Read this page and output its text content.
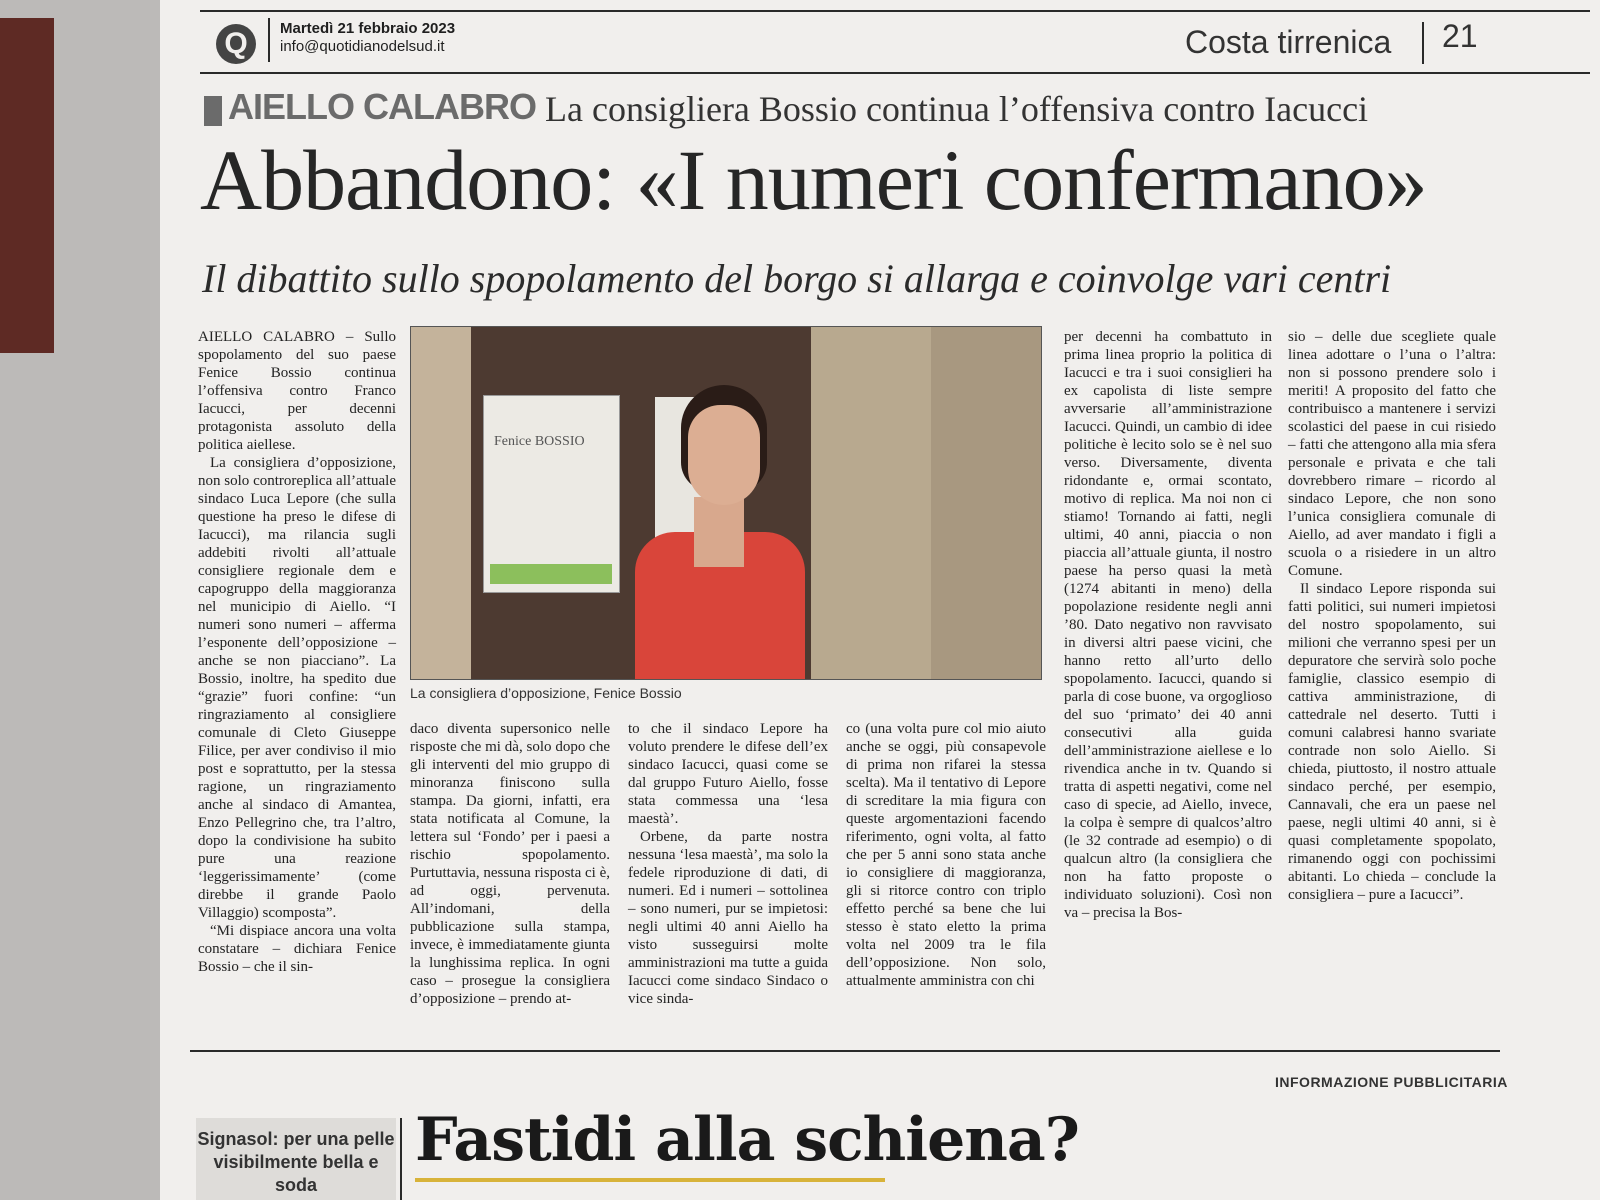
Q	Martedì 21 febbraio 2023
info@quotidianodelsud.it	Costa tirrenica 21
AIELLO CALABRO La consigliera Bossio continua l’offensiva contro Iacucci
Abbandono: «I numeri confermano»
Il dibattito sullo spopolamento del borgo si allarga e coinvolge vari centri

AIELLO CALABRO – Sullo spopolamento del suo paese Fenice Bossio continua l’offensiva contro Franco Iacucci, per decenni protagonista assoluto della politica aiellese.

La consigliera d’opposizione, non solo controreplica all’attuale sindaco Luca Lepore (che sulla questione ha preso le difese di Iacucci), ma rilancia sugli addebiti rivolti all’attuale consigliere regionale dem e capogruppo della maggioranza nel municipio di Aiello. “I numeri sono numeri – afferma l’esponente dell’opposizione – anche se non piacciano”. La Bossio, inoltre, ha spedito due “grazie” fuori confine: “un ringraziamento al consigliere comunale di Cleto Giuseppe Filice, per aver condiviso il mio post e soprattutto, per la stessa ragione, un ringraziamento anche al sindaco di Amantea, Enzo Pellegrino che, tra l’altro, dopo la condivisione ha subito pure una reazione ‘leggerissimamente’ (come direbbe il grande Paolo Villaggio) scomposta”.

“Mi dispiace ancora una volta constatare – dichiara Fenice Bossio – che il sin-

Fenice BOSSIO
La consigliera d’opposizione, Fenice Bossio

daco diventa supersonico nelle risposte che mi dà, solo dopo che gli interventi del mio gruppo di minoranza finiscono sulla stampa. Da giorni, infatti, era stata notificata al Comune, la lettera sul ‘Fondo’ per i paesi a rischio spopolamento. Purtuttavia, nessuna risposta ci è, ad oggi, pervenuta. All’indomani, della pubblicazione sulla stampa, invece, è immediatamente giunta la lunghissima replica. In ogni caso – prosegue la consigliera d’opposizione – prendo at-

to che il sindaco Lepore ha voluto prendere le difese dell’ex sindaco Iacucci, quasi come se dal gruppo Futuro Aiello, fosse stata commessa una ‘lesa maestà’.

Orbene, da parte nostra nessuna ‘lesa maestà’, ma solo la fedele riproduzione di dati, di numeri. Ed i numeri – sottolinea – sono numeri, pur se impietosi: negli ultimi 40 anni Aiello ha visto susseguirsi molte amministrazioni ma tutte a guida Iacucci come sindaco Sindaco o vice sinda-

co (una volta pure col mio aiuto anche se oggi, più consapevole di prima non rifarei la stessa scelta). Ma il tentativo di Lepore di screditare la mia figura con queste argomentazioni facendo riferimento, ogni volta, al fatto che per 5 anni sono stata anche io consigliere di maggioranza, gli si ritorce contro con triplo effetto perché sa bene che lui stesso è stato eletto la prima volta nel 2009 tra le fila dell’opposizione. Non solo, attualmente amministra con chi

per decenni ha combattuto in prima linea proprio la politica di Iacucci e tra i suoi consiglieri ha ex capolista di liste sempre avversarie all’amministrazione Iacucci. Quindi, un cambio di idee politiche è lecito solo se è nel suo verso. Diversamente, diventa ridondante e, ormai scontato, motivo di replica. Ma noi non ci stiamo! Tornando ai fatti, negli ultimi, 40 anni, piaccia o non piaccia all’attuale giunta, il nostro paese ha perso quasi la metà (1274 abitanti in meno) della popolazione residente negli anni ’80. Dato negativo non ravvisato in diversi altri paese vicini, che hanno retto all’urto dello spopolamento. Iacucci, quando si parla di cose buone, va orgoglioso del suo ‘primato’ dei 40 anni consecutivi alla guida dell’amministrazione aiellese e lo rivendica anche in tv. Quando si tratta di aspetti negativi, come nel caso di specie, ad Aiello, invece, la colpa è sempre di qualcos’altro (le 32 contrade ad esempio) o di qualcun altro (la consigliera che non ha fatto proposte o individuato soluzioni). Così non va – precisa la Bos-

sio – delle due scegliete quale linea adottare o l’una o l’altra: non si possono prendere solo i meriti! A proposito del fatto che contribuisco a mantenere i servizi scolastici del paese in cui risiedo – fatti che attengono alla mia sfera personale e privata e che tali dovrebbero rimare – ricordo al sindaco Lepore, che non sono l’unica consigliera comunale di Aiello, ad aver mandato i figli a scuola o a risiedere in un altro Comune.

Il sindaco Lepore risponda sui fatti politici, sui numeri impietosi del nostro spopolamento, sui milioni che verranno spesi per un depuratore che servirà solo poche famiglie, classico esempio di cattiva amministrazione, di cattedrale nel deserto. Tutti i comuni calabresi hanno svariate contrade non solo Aiello. Si chieda, piuttosto, il nostro attuale sindaco perché, per esempio, Cannavali, che era un paese nel paese, negli ultimi 40 anni, si è quasi completamente spopolato, rimanendo oggi con pochissimi abitanti. Lo chieda – conclude la consigliera – pure a Iacucci”.

INFORMAZIONE PUBBLICITARIA
Signasol: per una pelle visibilmente bella e soda
Fastidi alla schiena?
